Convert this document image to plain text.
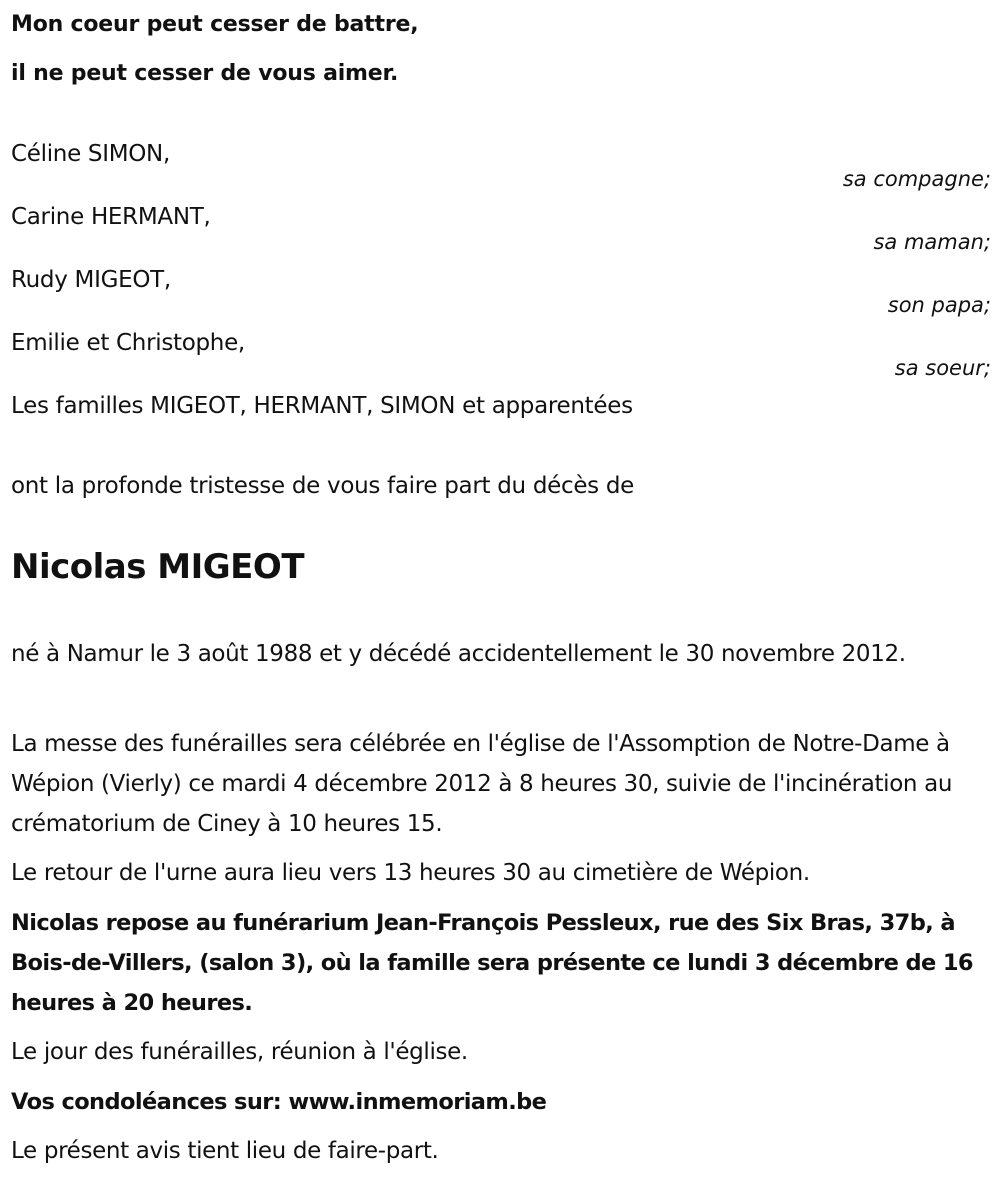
Mon coeur peut cesser de battre,
il ne peut cesser de vous aimer.
Céline SIMON,
sa compagne;
Carine HERMANT,
sa maman;
Rudy MIGEOT,
son papa;
Emilie et Christophe,
sa soeur;
Les familles MIGEOT, HERMANT, SIMON et apparentées
ont la profonde tristesse de vous faire part du décès de
Nicolas MIGEOT
né à Namur le 3 août 1988 et y décédé accidentellement le 30 novembre 2012.
La messe des funérailles sera célébrée en l'église de l'Assomption de Notre-Dame à Wépion (Vierly) ce mardi 4 décembre 2012 à 8 heures 30, suivie de l'incinération au crématorium de Ciney à 10 heures 15.
Le retour de l'urne aura lieu vers 13 heures 30 au cimetière de Wépion.
Nicolas repose au funérarium Jean-François Pessleux, rue des Six Bras, 37b, à Bois-de-Villers, (salon 3), où la famille sera présente ce lundi 3 décembre de 16 heures à 20 heures.
Le jour des funérailles, réunion à l'église.
Vos condoléances sur: www.inmemoriam.be
Le présent avis tient lieu de faire-part.
